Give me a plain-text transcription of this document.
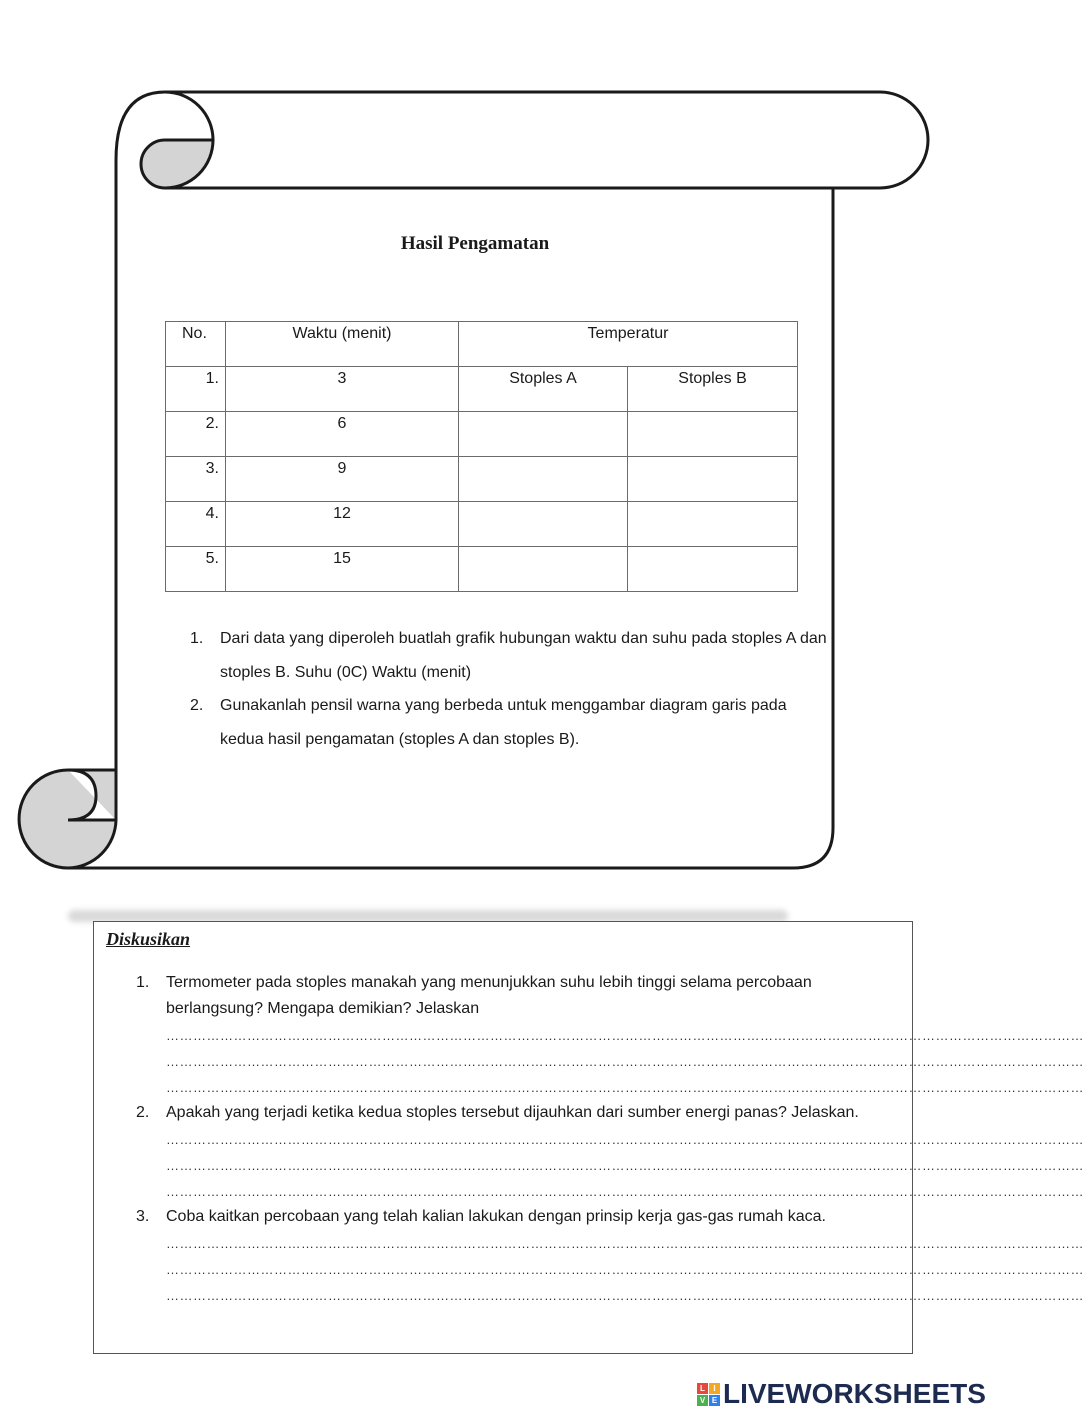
Hasil Pengamatan
No.	Waktu (menit)	Temperatur	
1.	3	Stoples A	Stoples B
2.	6		
3.	9		
4.	12		
5.	15		
1. Dari data yang diperoleh buatlah grafik hubungan waktu dan suhu pada stoples A dan stoples B. Suhu (0C) Waktu (menit)
2. Gunakanlah pensil warna yang berbeda untuk menggambar diagram garis pada kedua hasil pengamatan (stoples A dan stoples B).
Diskusikan
1. Termometer pada stoples manakah yang menunjukkan suhu lebih tinggi selama percobaan berlangsung? Mengapa demikian? Jelaskan
……………………………………………………………………………………………………………………………………………………………………………………
……………………………………………………………………………………………………………………………………………………………………………………
……………………………………………………………………………………………………………………………………………………………………………………
2. Apakah yang terjadi ketika kedua stoples tersebut dijauhkan dari sumber energi panas? Jelaskan.
……………………………………………………………………………………………………………………………………………………………………………………
……………………………………………………………………………………………………………………………………………………………………………………
……………………………………………………………………………………………………………………………………………………………………………………
3. Coba kaitkan percobaan yang telah kalian lakukan dengan prinsip kerja gas-gas rumah kaca.
……………………………………………………………………………………………………………………………………………………………………………………
……………………………………………………………………………………………………………………………………………………………………………………
……………………………………………………………………………………………………………………………………………………………………………………
L	I
V E LIVEWORKSHEETS
